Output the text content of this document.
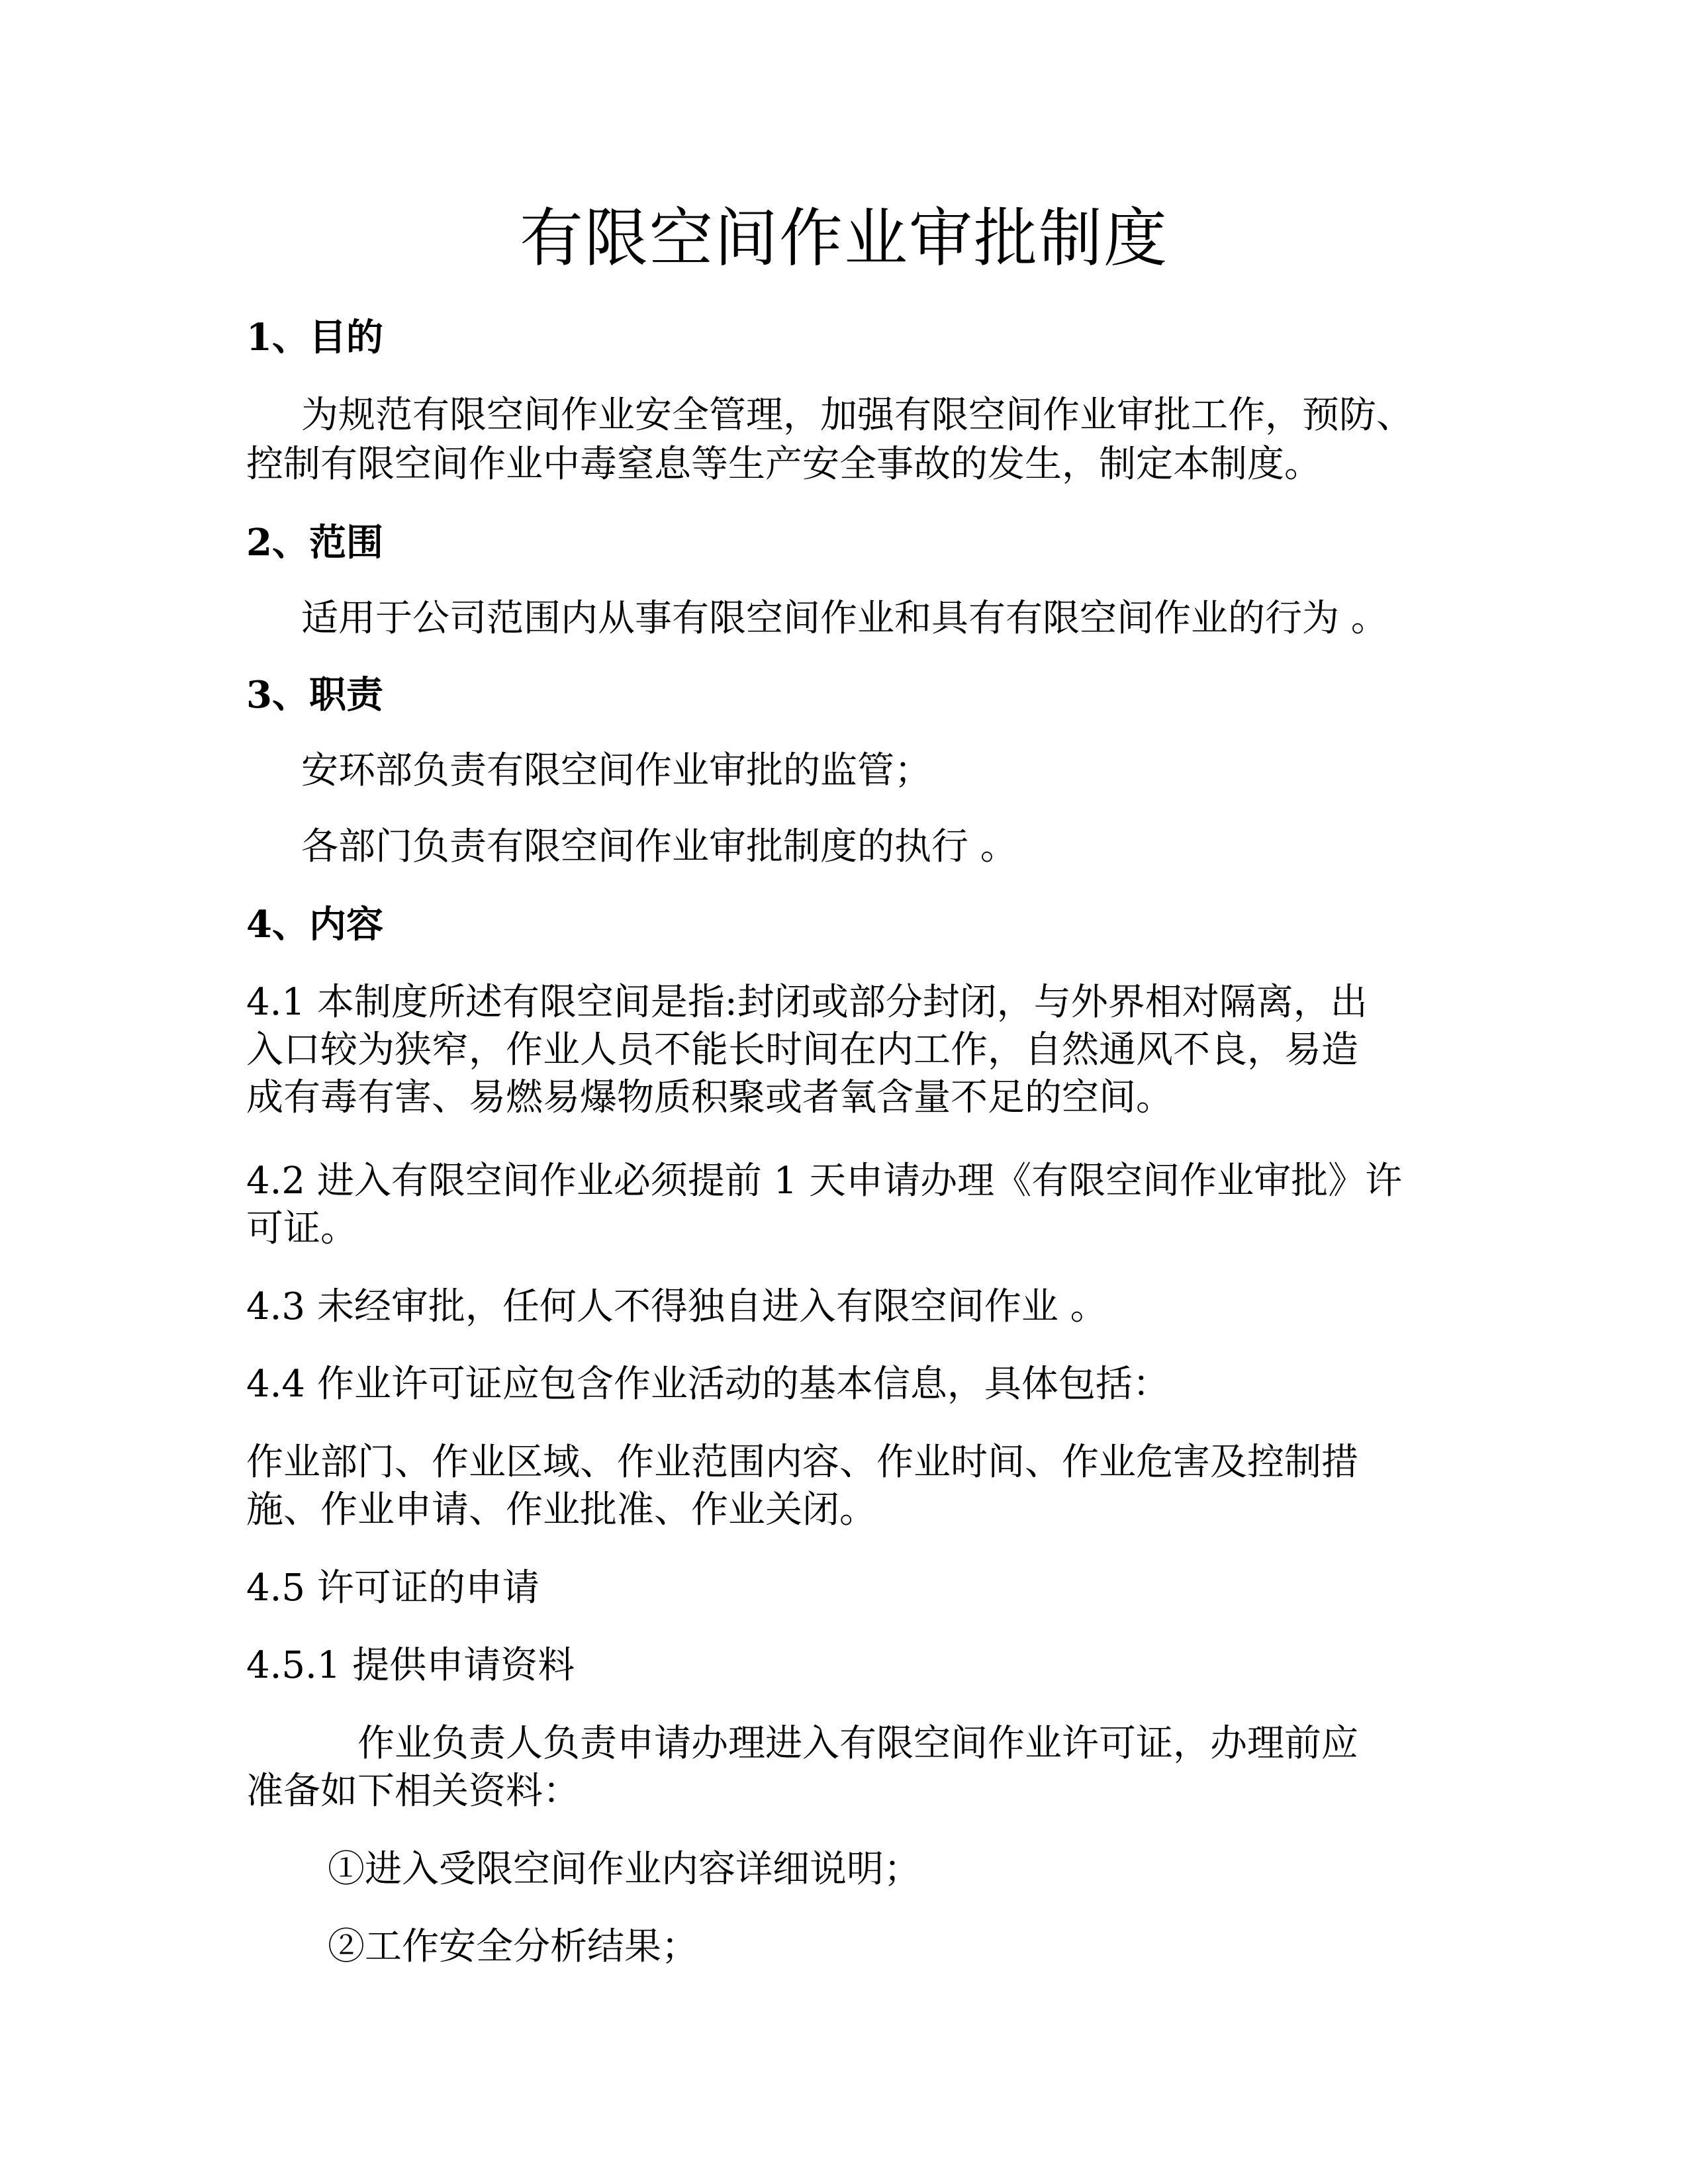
有限空间作业审批制度
1、目的
为规范有限空间作业安全管理，加强有限空间作业审批工作，预防、
控制有限空间作业中毒窒息等生产安全事故的发生，制定本制度。
2、范围
适用于公司范围内从事有限空间作业和具有有限空间作业的行为 。
3、职责
安环部负责有限空间作业审批的监管；
各部门负责有限空间作业审批制度的执行 。
4、内容
4.1 本制度所述有限空间是指:封闭或部分封闭，与外界相对隔离，出
入口较为狭窄，作业人员不能长时间在内工作，自然通风不良，易造
成有毒有害、易燃易爆物质积聚或者氧含量不足的空间。
4.2 进入有限空间作业必须提前 1 天申请办理《有限空间作业审批》许
可证。
4.3 未经审批，任何人不得独自进入有限空间作业 。
4.4 作业许可证应包含作业活动的基本信息，具体包括：
作业部门、作业区域、作业范围内容、作业时间、作业危害及控制措
施、作业申请、作业批准、作业关闭。
4.5 许可证的申请
4.5.1 提供申请资料
作业负责人负责申请办理进入有限空间作业许可证，办理前应
准备如下相关资料：
①进入受限空间作业内容详细说明；
②工作安全分析结果；
